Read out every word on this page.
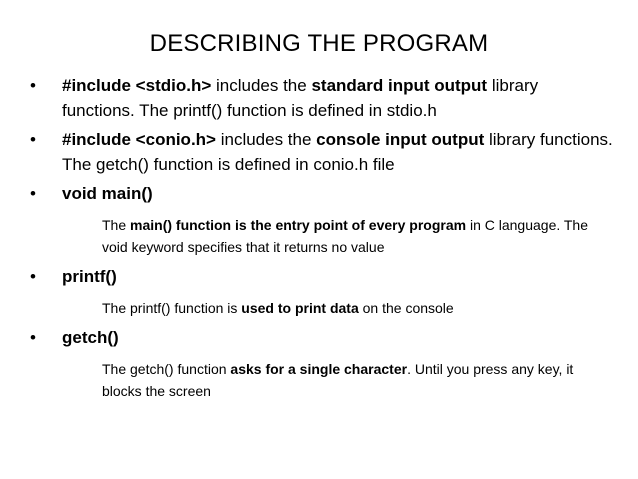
DESCRIBING THE PROGRAM
•	#include <stdio.h> includes the standard input output library functions. The printf() function is defined in stdio.h
•	#include <conio.h> includes the console input output library functions. The getch() function is defined in conio.h file
•	void main()
The main() function is the entry point of every program in C language. The void keyword specifies that it returns no value
•	printf()
The printf() function is used to print data on the console
•	getch()
The getch() function asks for a single character. Until you press any key, it blocks the screen
